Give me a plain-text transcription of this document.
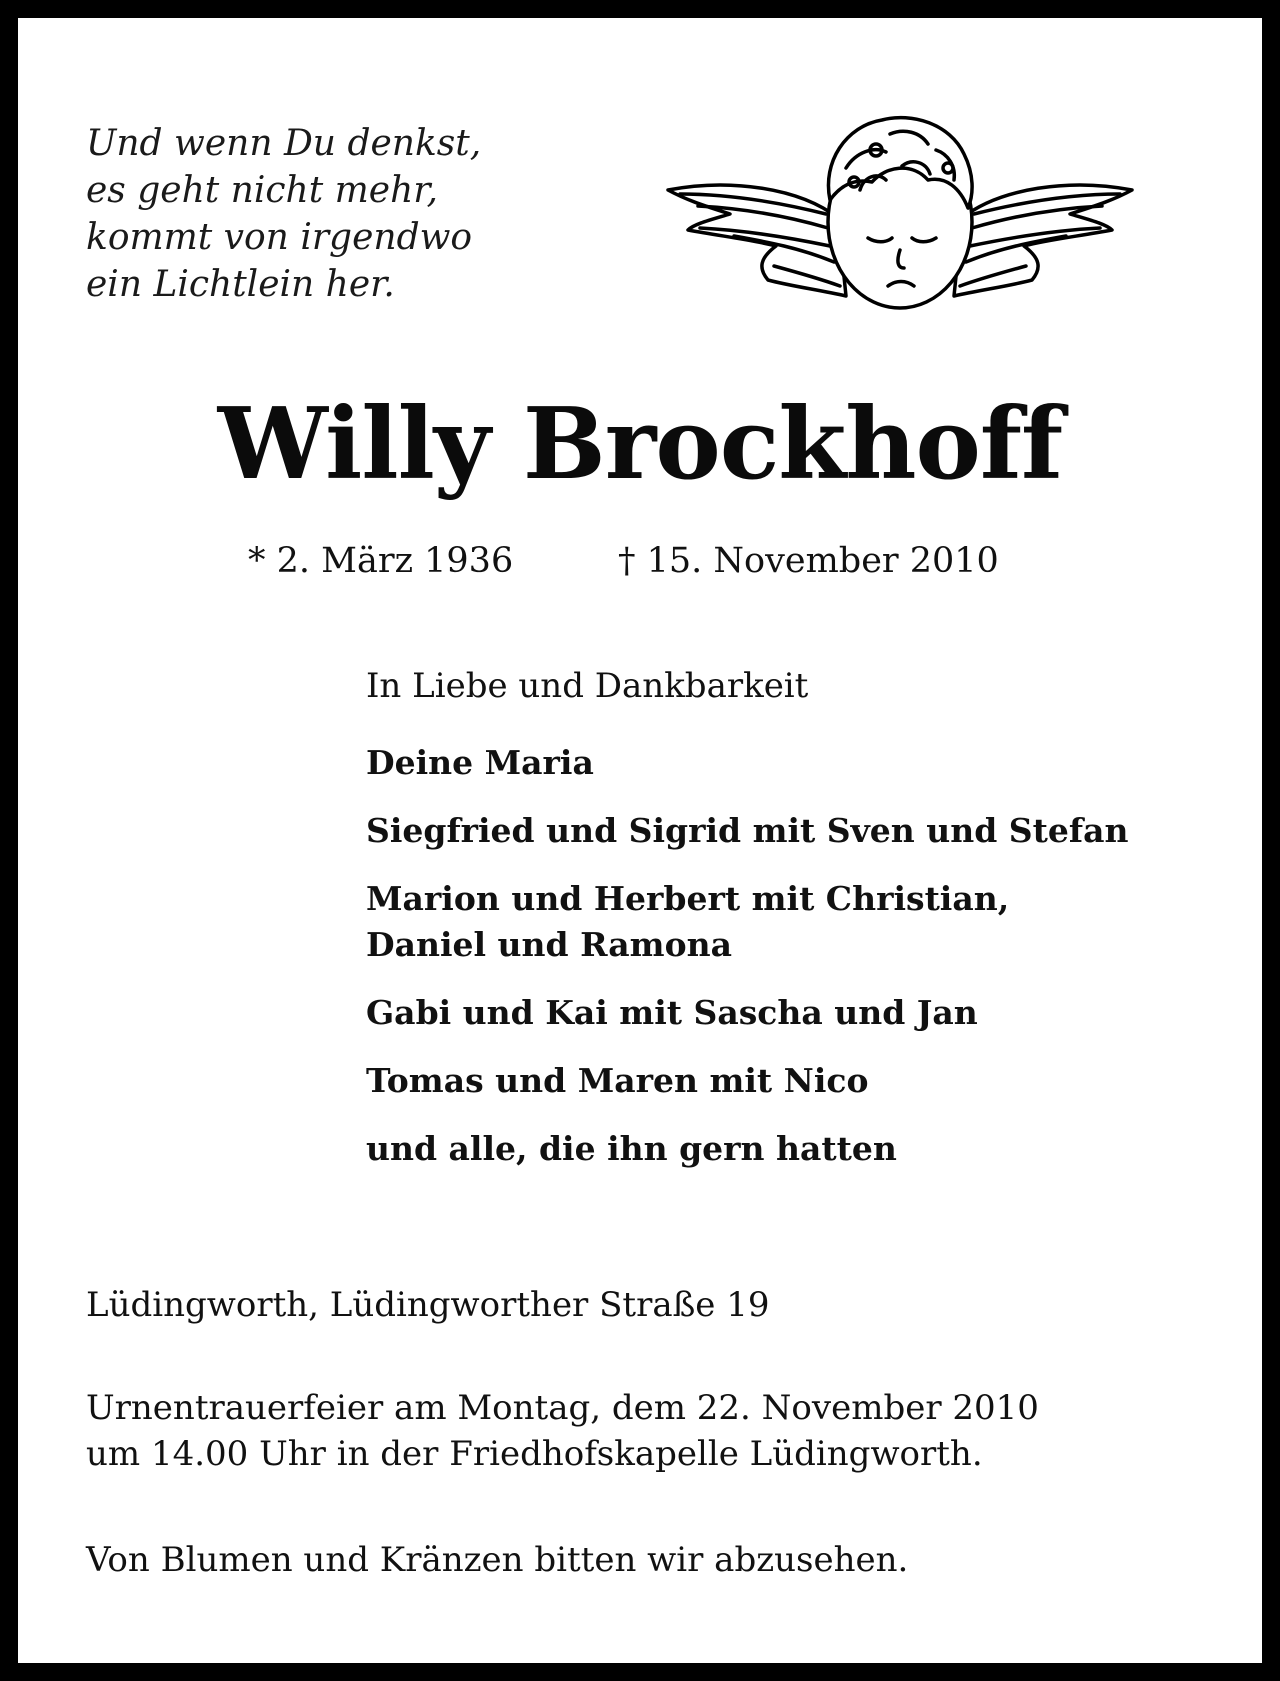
Und wenn Du denkst,
es geht nicht mehr,
kommt von irgendwo
ein Lichtlein her.
Willy Brockhoff
* 2. März 1936	† 15. November 2010
In Liebe und Dankbarkeit
Deine Maria
Siegfried und Sigrid mit Sven und Stefan
Marion und Herbert mit Christian,
Daniel und Ramona
Gabi und Kai mit Sascha und Jan
Tomas und Maren mit Nico
und alle, die ihn gern hatten
Lüdingworth, Lüdingworther Straße 19
Urnentrauerfeier am Montag, dem 22. November 2010
um 14.00 Uhr in der Friedhofskapelle Lüdingworth.
Von Blumen und Kränzen bitten wir abzusehen.
